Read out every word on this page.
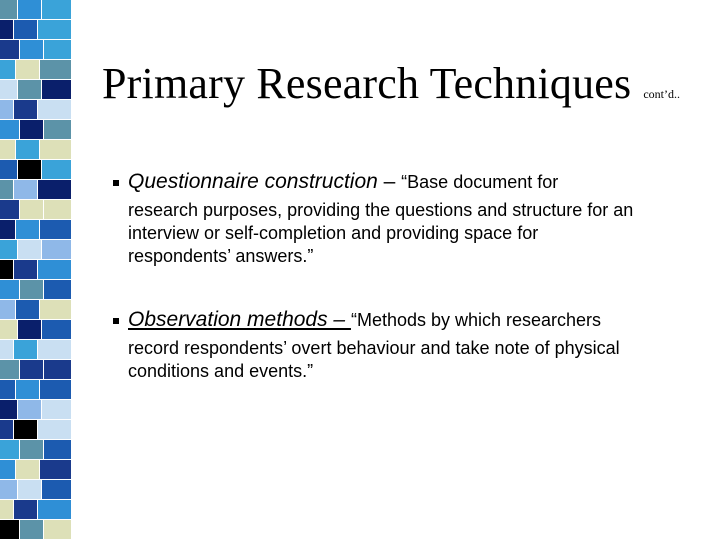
Primary Research Techniques cont’d..
Questionnaire construction – “Base document for
research purposes, providing the questions and structure for an
interview or self-completion and providing space for
respondents’ answers.”
Observation methods – “Methods by which researchers
record respondents’ overt behaviour and take note of physical
conditions and events.”
